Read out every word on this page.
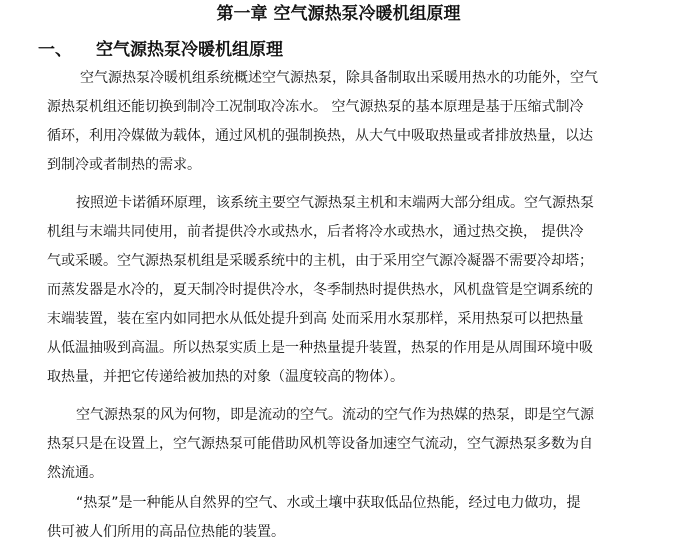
第一章 空气源热泵冷暖机组原理
一、 空气源热泵冷暖机组原理

空气源热泵冷暖机组系统概述空气源热泵，除具备制取出采暖用热水的功能外，空气

源热泵机组还能切换到制冷工况制取冷冻水。 空气源热泵的基本原理是基于压缩式制冷

循环，利用冷媒做为载体，通过风机的强制换热，从大气中吸取热量或者排放热量，以达

到制冷或者制热的需求。

按照逆卡诺循环原理，该系统主要空气源热泵主机和末端两大部分组成。空气源热泵

机组与末端共同使用，前者提供冷水或热水，后者将冷水或热水，通过热交换， 提供冷

气或采暖。空气源热泵机组是采暖系统中的主机，由于采用空气源冷凝器不需要冷却塔；

而蒸发器是水冷的，夏天制冷时提供冷水，冬季制热时提供热水，风机盘管是空调系统的

末端装置，装在室内如同把水从低处提升到高 处而采用水泵那样，采用热泵可以把热量

从低温抽吸到高温。所以热泵实质上是一种热量提升装置，热泵的作用是从周围环境中吸

取热量，并把它传递给被加热的对象（温度较高的物体）。

空气源热泵的风为何物，即是流动的空气。流动的空气作为热媒的热泵，即是空气源

热泵只是在设置上，空气源热泵可能借助风机等设备加速空气流动，空气源热泵多数为自

然流通。

“热泵”是一种能从自然界的空气、水或土壤中获取低品位热能，经过电力做功，提

供可被人们所用的高品位热能的装置。
